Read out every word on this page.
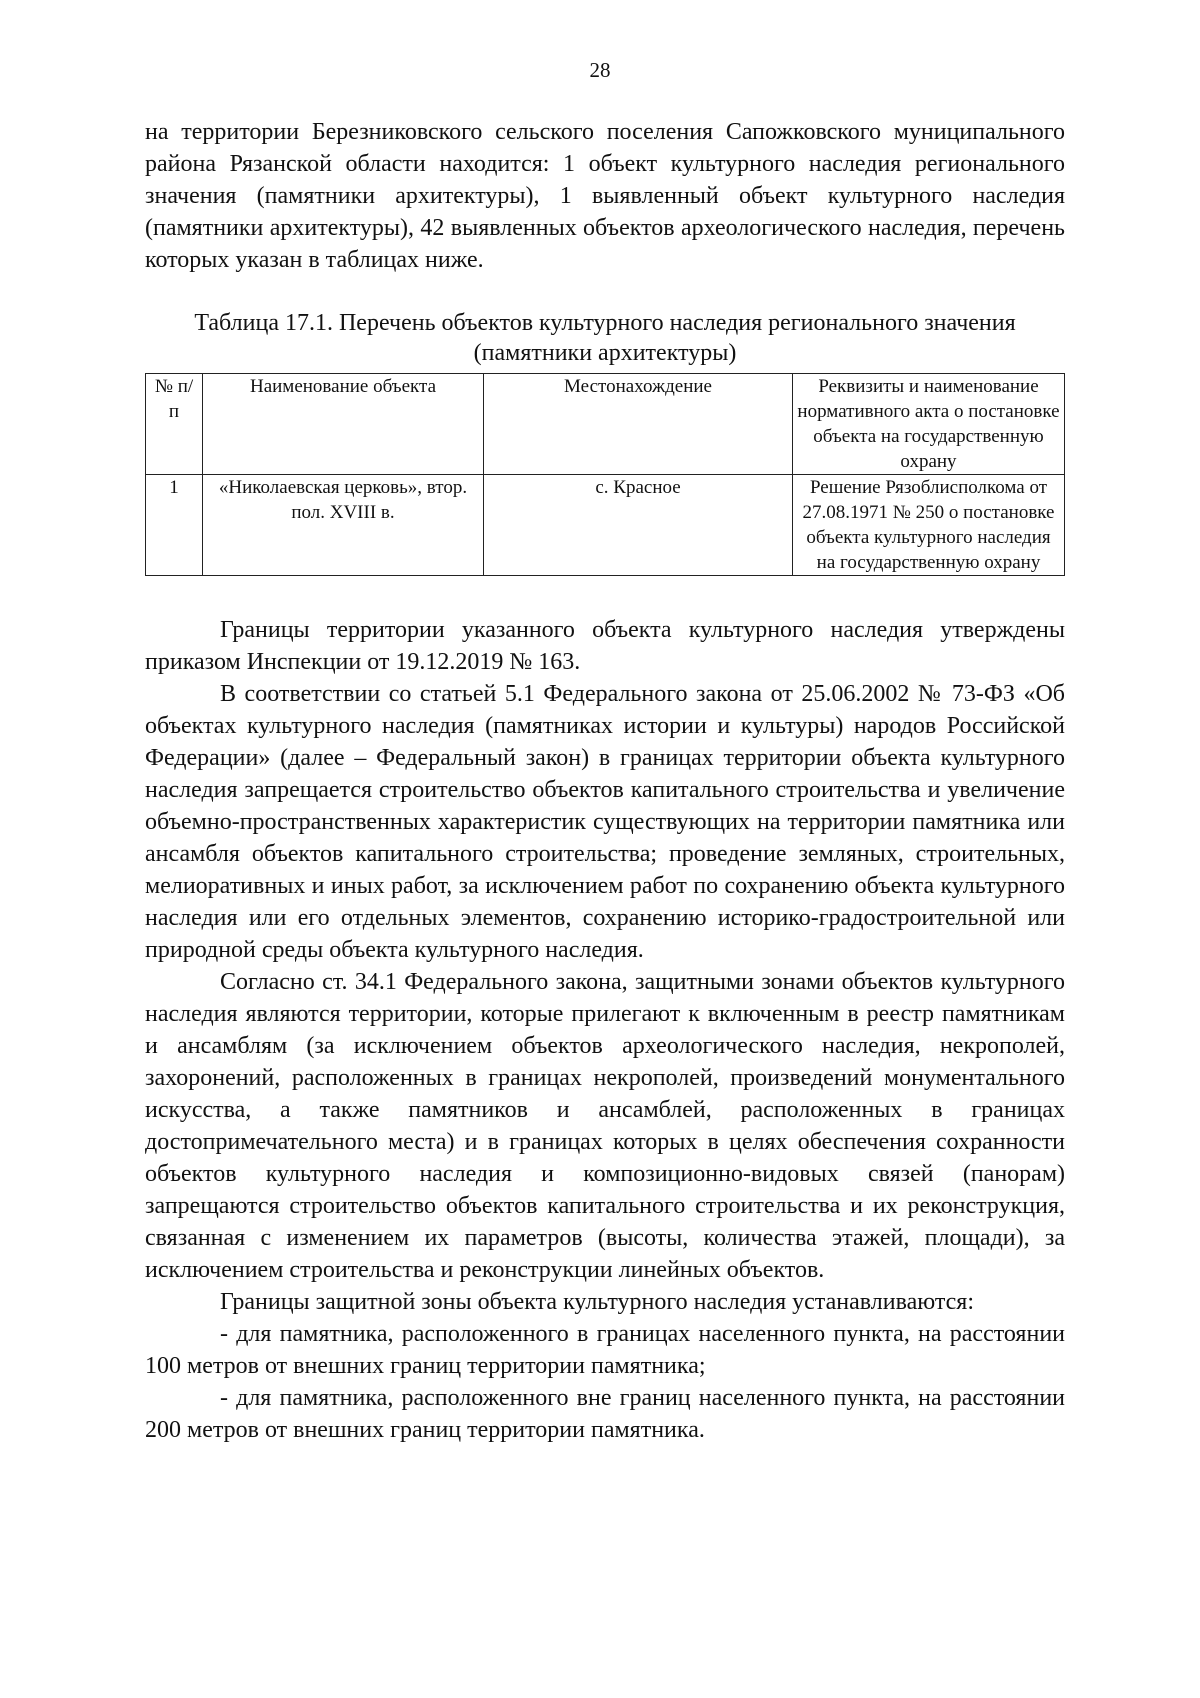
28

на территории Березниковского сельского поселения Сапожковского муниципального района Рязанской области находится: 1 объект культурного наследия регионального значения (памятники архитектуры), 1 выявленный объект культурного наследия (памятники архитектуры), 42 выявленных объектов археологического наследия, перечень которых указан в таблицах ниже.

Таблица 17.1. Перечень объектов культурного наследия регионального значения (памятники архитектуры)
№ п/п	Наименование объекта	Местонахождение	Реквизиты и наименование нормативного акта о постановке объекта на государственную охрану
1	«Николаевская церковь», втор. пол. XVIII в.	с. Красное	Решение Рязоблисполкома от 27.08.1971 № 250 о постановке объекта культурного наследия на государственную охрану

Границы территории указанного объекта культурного наследия утверждены приказом Инспекции от 19.12.2019 № 163.

В соответствии со статьей 5.1 Федерального закона от 25.06.2002 № 73-ФЗ «Об объектах культурного наследия (памятниках истории и культуры) народов Российской Федерации» (далее – Федеральный закон) в границах территории объекта культурного наследия запрещается строительство объектов капитального строительства и увеличение объемно-пространственных характеристик существующих на территории памятника или ансамбля объектов капитального строительства; проведение земляных, строительных, мелиоративных и иных работ, за исключением работ по сохранению объекта культурного наследия или его отдельных элементов, сохранению историко-градостроительной или природной среды объекта культурного наследия.

Согласно ст. 34.1 Федерального закона, защитными зонами объектов культурного наследия являются территории, которые прилегают к включенным в реестр памятникам и ансамблям (за исключением объектов археологического наследия, некрополей, захоронений, расположенных в границах некрополей, произведений монументального искусства, а также памятников и ансамблей, расположенных в границах достопримечательного места) и в границах которых в целях обеспечения сохранности объектов культурного наследия и композиционно-видовых связей (панорам) запрещаются строительство объектов капитального строительства и их реконструкция, связанная с изменением их параметров (высоты, количества этажей, площади), за исключением строительства и реконструкции линейных объектов.

Границы защитной зоны объекта культурного наследия устанавливаются:

- для памятника, расположенного в границах населенного пункта, на расстоянии 100 метров от внешних границ территории памятника;

- для памятника, расположенного вне границ населенного пункта, на расстоянии 200 метров от внешних границ территории памятника.
